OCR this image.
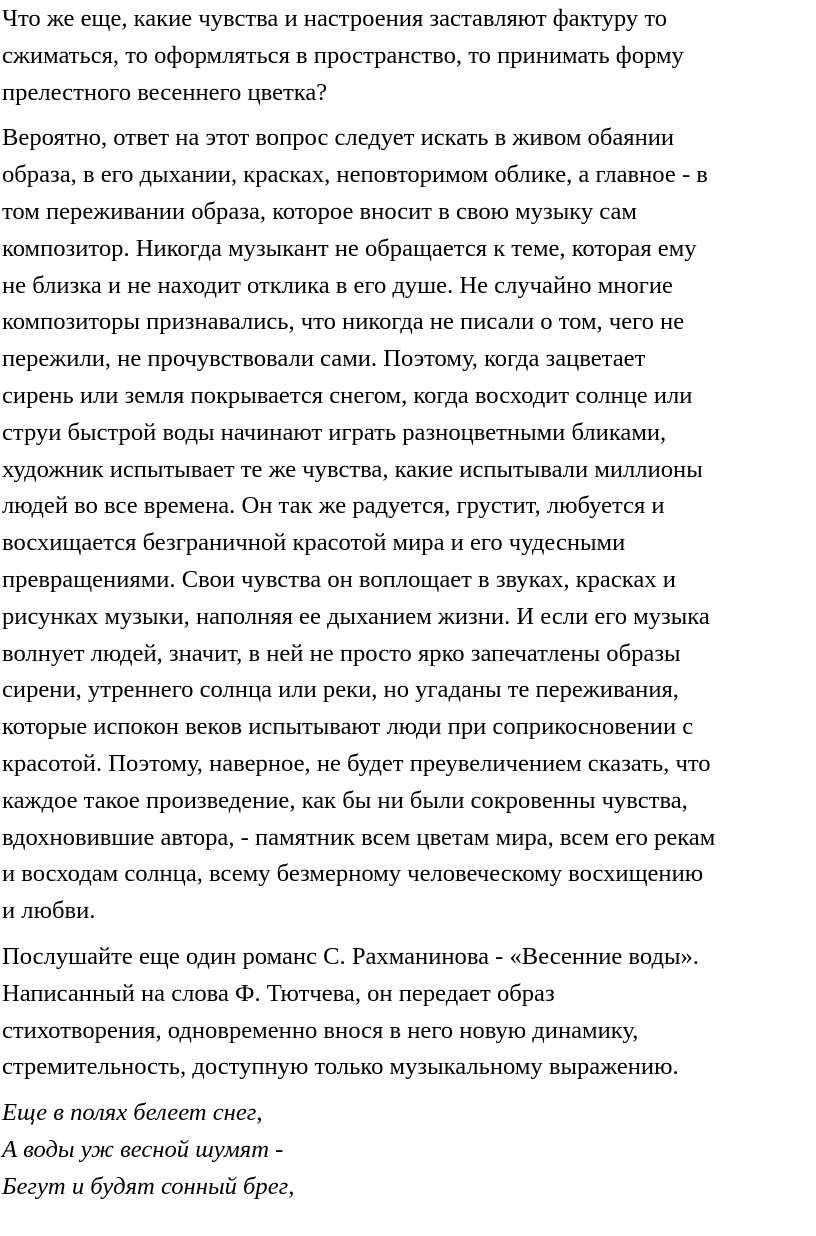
Что же еще, какие чувства и настроения заставляют фактуру то
сжиматься, то оформляться в пространство, то принимать форму
прелестного весеннего цветка?
Вероятно, ответ на этот вопрос следует искать в живом обаянии
образа, в его дыхании, красках, неповторимом облике, а главное - в
том переживании образа, которое вносит в свою музыку сам
композитор. Никогда музыкант не обращается к теме, которая ему
не близка и не находит отклика в его душе. Не случайно многие
композиторы признавались, что никогда не писали о том, чего не
пережили, не прочувствовали сами. Поэтому, когда зацветает
сирень или земля покрывается снегом, когда восходит солнце или
струи быстрой воды начинают играть разноцветными бликами,
художник испытывает те же чувства, какие испытывали миллионы
людей во все времена. Он так же радуется, грустит, любуется и
восхищается безграничной красотой мира и его чудесными
превращениями. Свои чувства он воплощает в звуках, красках и
рисунках музыки, наполняя ее дыханием жизни. И если его музыка
волнует людей, значит, в ней не просто ярко запечатлены образы
сирени, утреннего солнца или реки, но угаданы те переживания,
которые испокон веков испытывают люди при соприкосновении с
красотой. Поэтому, наверное, не будет преувеличением сказать, что
каждое такое произведение, как бы ни были сокровенны чувства,
вдохновившие автора, - памятник всем цветам мира, всем его рекам
и восходам солнца, всему безмерному человеческому восхищению
и любви.
Послушайте еще один романс С. Рахманинова - «Весенние воды».
Написанный на слова Ф. Тютчева, он передает образ
стихотворения, одновременно внося в него новую динамику,
стремительность, доступную только музыкальному выражению.
Еще в полях белеет снег,
А воды уж весной шумят -
Бегут и будят сонный брег,
